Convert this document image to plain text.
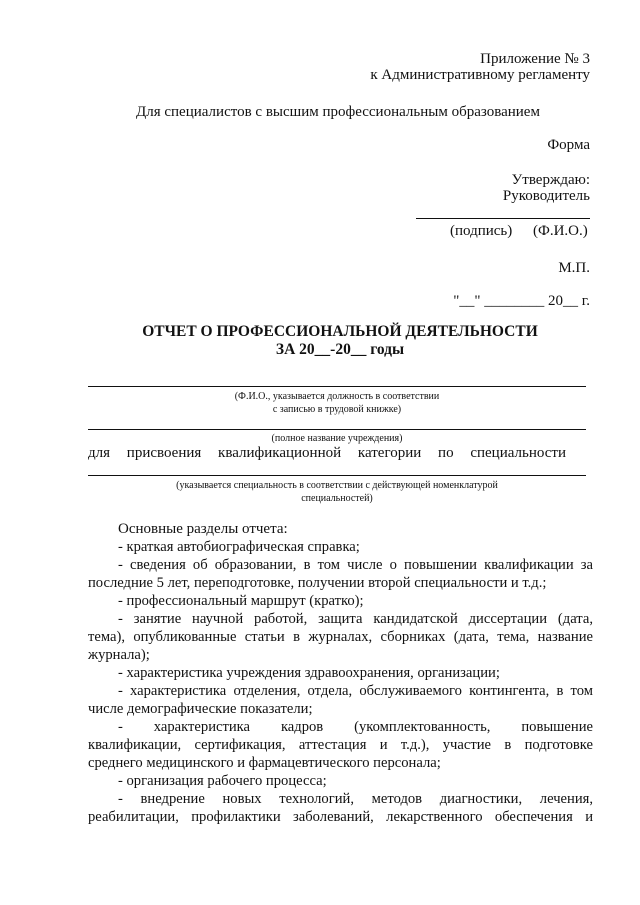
Приложение № 3
к Административному регламенту
Для специалистов с высшим профессиональным образованием
Форма
Утверждаю:
Руководитель
(подпись) (Ф.И.О.)
М.П.
"__" ________ 20__ г.
ОТЧЕТ О ПРОФЕССИОНАЛЬНОЙ ДЕЯТЕЛЬНОСТИ
ЗА 20__-20__ годы
(Ф.И.О., указывается должность в соответствии
с записью в трудовой книжке)
(полное название учреждения)
для присвоения квалификационной категории по специальности
(указывается специальность в соответствии с действующей номенклатурой
специальностей)
Основные разделы отчета:
- краткая автобиографическая справка;
- сведения об образовании, в том числе о повышении квалификации за
последние 5 лет, переподготовке, получении второй специальности и т.д.;
- профессиональный маршрут (кратко);
- занятие научной работой, защита кандидатской диссертации (дата,
тема), опубликованные статьи в журналах, сборниках (дата, тема, название
журнала);
- характеристика учреждения здравоохранения, организации;
- характеристика отделения, отдела, обслуживаемого контингента, в том
числе демографические показатели;
- характеристика кадров (укомплектованность, повышение
квалификации, сертификация, аттестация и т.д.), участие в подготовке
среднего медицинского и фармацевтического персонала;
- организация рабочего процесса;
- внедрение новых технологий, методов диагностики, лечения,
реабилитации, профилактики заболеваний, лекарственного обеспечения и
